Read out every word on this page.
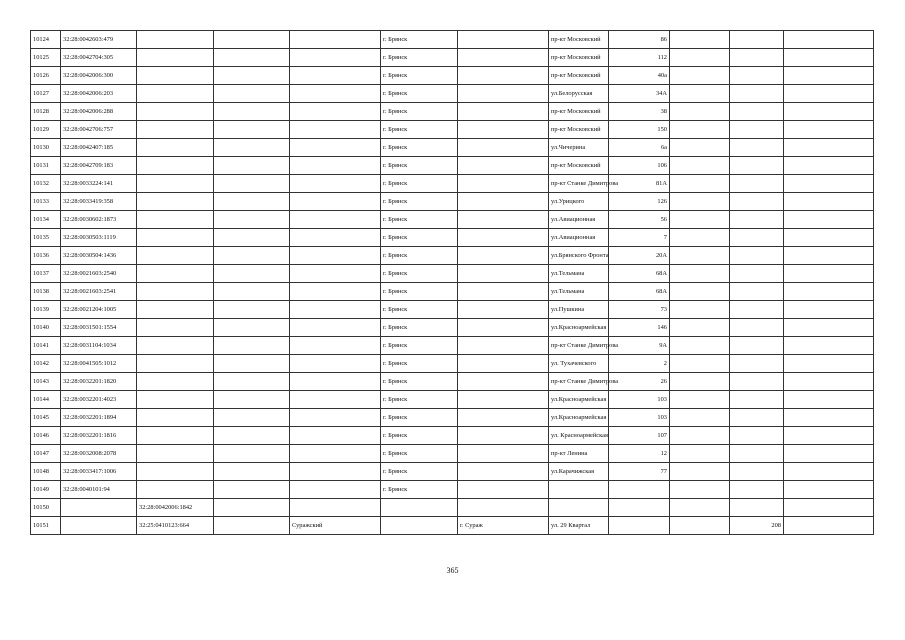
10124	32:28:0042603:479				г. Брянск		пр-кт Московский	86			
10125	32:28:0042704:305				г. Брянск		пр-кт Московский	112			
10126	32:28:0042006:300				г. Брянск		пр-кт Московский	40а			
10127	32:28:0042006:203				г. Брянск		ул.Белорусская	34А			
10128	32:28:0042006:288				г. Брянск		пр-кт Московский	38			
10129	32:28:0042706:757				г. Брянск		пр-кт Московский	150			
10130	32:28:0042407:185				г. Брянск		ул.Чичерина	6а			
10131	32:28:0042709:183				г. Брянск		пр-кт Московский	106			
10132	32:28:0033224:141				г. Брянск		пр-кт Станке Димитрова	81А			
10133	32:28:0033419:358				г. Брянск		ул.Урицкого	126			
10134	32:28:0030602:1873				г. Брянск		ул.Авиационная	56			
10135	32:28:0030503:1119				г. Брянск		ул.Авиационная	7			
10136	32:28:0030504:1436				г. Брянск		ул.Брянского Фронта	20А			
10137	32:28:0021603:2540				г. Брянск		ул.Тельмана	68А			
10138	32:28:0021603:2541				г. Брянск		ул.Тельмана	68А			
10139	32:28:0021204:1005				г. Брянск		ул.Пушкина	73			
10140	32:28:0031501:1554				г. Брянск		ул.Красноармейская	146			
10141	32:28:0031104:1034				г. Брянск		пр-кт Станке Димитрова	9А			
10142	32:28:0041505:1012				г. Брянск		ул. Тухачевского	2			
10143	32:28:0032201:1820				г. Брянск		пр-кт Станке Димитрова	26			
10144	32:28:0032201:4023				г. Брянск		ул.Красноармейская	103			
10145	32:28:0032201:1894				г. Брянск		ул.Красноармейская	103			
10146	32:28:0032201:1816				г. Брянск		ул. Красноармейская	107			
10147	32:28:0032008:2078				г. Брянск		пр-кт Ленина	12			
10148	32:28:0033417:1006				г. Брянск		ул.Карачижская	77			
10149	32:28:0040101:94				г. Брянск						
10150		32:28:0042006:1842									
10151		32:25:0410123:664		Суражский		г. Сураж	ул. 29 Квартал			208	
365
